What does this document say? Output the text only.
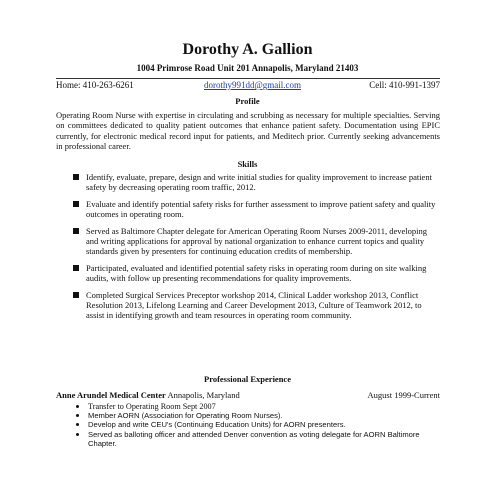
Dorothy A. Gallion
1004 Primrose Road Unit 201 Annapolis, Maryland 21403
Home: 410-263-6261	dorothy991dd@gmail.com	Cell: 410-991-1397
Profile
Operating Room Nurse with expertise in circulating and scrubbing as necessary for multiple specialties. Serving on committees dedicated to quality patient outcomes that enhance patient safety. Documentation using EPIC currently, for electronic medical record input for patients, and Meditech prior. Currently seeking advancements in professional career.
Skills
Identify, evaluate, prepare, design and write initial studies for quality improvement to increase patient safety by decreasing operating room traffic, 2012.
Evaluate and identify potential safety risks for further assessment to improve patient safety and quality outcomes in operating room.
Served as Baltimore Chapter delegate for American Operating Room Nurses 2009-2011, developing and writing applications for approval by national organization to enhance current topics and quality standards given by presenters for continuing education credits of membership.
Participated, evaluated and identified potential safety risks in operating room during on site walking audits, with follow up presenting recommendations for quality improvements.
Completed Surgical Services Preceptor workshop 2014, Clinical Ladder workshop 2013, Conflict Resolution 2013, Lifelong Learning and Career Development 2013, Culture of Teamwork 2012, to assist in identifying growth and team resources in operating room community.
Professional Experience
Anne Arundel Medical Center Annapolis, Maryland	August 1999-Current
Transfer to Operating Room Sept 2007
Member AORN (Association for Operating Room Nurses).
Develop and write CEU's (Continuing Education Units) for AORN presenters.
Served as balloting officer and attended Denver convention as voting delegate for AORN Baltimore Chapter.
